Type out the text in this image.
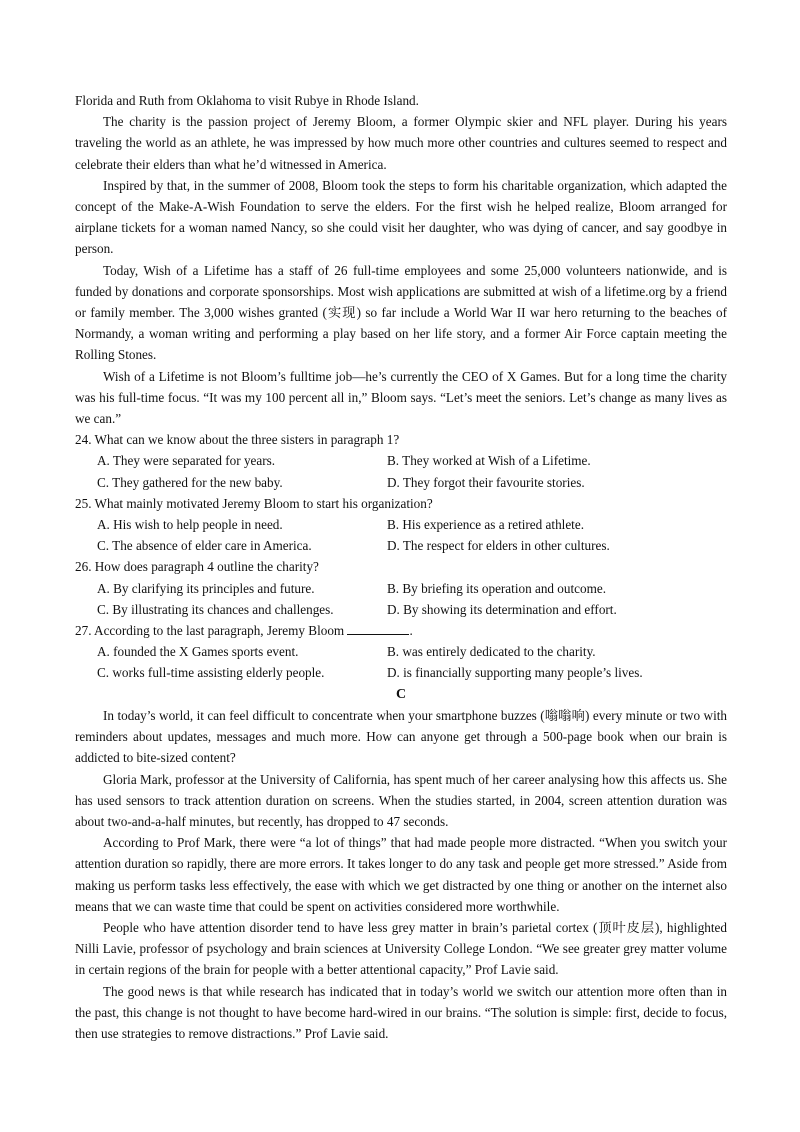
Florida and Ruth from Oklahoma to visit Rubye in Rhode Island.

The charity is the passion project of Jeremy Bloom, a former Olympic skier and NFL player. During his years traveling the world as an athlete, he was impressed by how much more other countries and cultures seemed to respect and celebrate their elders than what he’d witnessed in America.

Inspired by that, in the summer of 2008, Bloom took the steps to form his charitable organization, which adapted the concept of the Make-A-Wish Foundation to serve the elders. For the first wish he helped realize, Bloom arranged for airplane tickets for a woman named Nancy, so she could visit her daughter, who was dying of cancer, and say goodbye in person.

Today, Wish of a Lifetime has a staff of 26 full-time employees and some 25,000 volunteers nationwide, and is funded by donations and corporate sponsorships. Most wish applications are submitted at wish of a lifetime.org by a friend or family member. The 3,000 wishes granted (实现) so far include a World War II war hero returning to the beaches of Normandy, a woman writing and performing a play based on her life story, and a former Air Force captain meeting the Rolling Stones.

Wish of a Lifetime is not Bloom’s fulltime job—he’s currently the CEO of X Games. But for a long time the charity was his full-time focus. “It was my 100 percent all in,” Bloom says. “Let’s meet the seniors. Let’s change as many lives as we can.”

24. What can we know about the three sisters in paragraph 1?

A. They were separated for years.	B. They worked at Wish of a Lifetime.
C. They gathered for the new baby.	D. They forgot their favourite stories.

25. What mainly motivated Jeremy Bloom to start his organization?

A. His wish to help people in need.	B. His experience as a retired athlete.
C. The absence of elder care in America.	D. The respect for elders in other cultures.

26. How does paragraph 4 outline the charity?

A. By clarifying its principles and future.	B. By briefing its operation and outcome.
C. By illustrating its chances and challenges.	D. By showing its determination and effort.

27. According to the last paragraph, Jeremy Bloom	.

A. founded the X Games sports event.	B. was entirely dedicated to the charity.
C. works full-time assisting elderly people.	D. is financially supporting many people’s lives.

C

In today’s world, it can feel difficult to concentrate when your smartphone buzzes (嗡嗡响) every minute or two with reminders about updates, messages and much more. How can anyone get through a 500-page book when our brain is addicted to bite-sized content?

Gloria Mark, professor at the University of California, has spent much of her career analysing how this affects us. She has used sensors to track attention duration on screens. When the studies started, in 2004, screen attention duration was about two-and-a-half minutes, but recently, has dropped to 47 seconds.

According to Prof Mark, there were “a lot of things” that had made people more distracted. “When you switch your attention duration so rapidly, there are more errors. It takes longer to do any task and people get more stressed.” Aside from making us perform tasks less effectively, the ease with which we get distracted by one thing or another on the internet also means that we can waste time that could be spent on activities considered more worthwhile.

People who have attention disorder tend to have less grey matter in brain’s parietal cortex (顶叶皮层), highlighted Nilli Lavie, professor of psychology and brain sciences at University College London. “We see greater grey matter volume in certain regions of the brain for people with a better attentional capacity,” Prof Lavie said.

The good news is that while research has indicated that in today’s world we switch our attention more often than in the past, this change is not thought to have become hard-wired in our brains. “The solution is simple: first, decide to focus, then use strategies to remove distractions.” Prof Lavie said.
